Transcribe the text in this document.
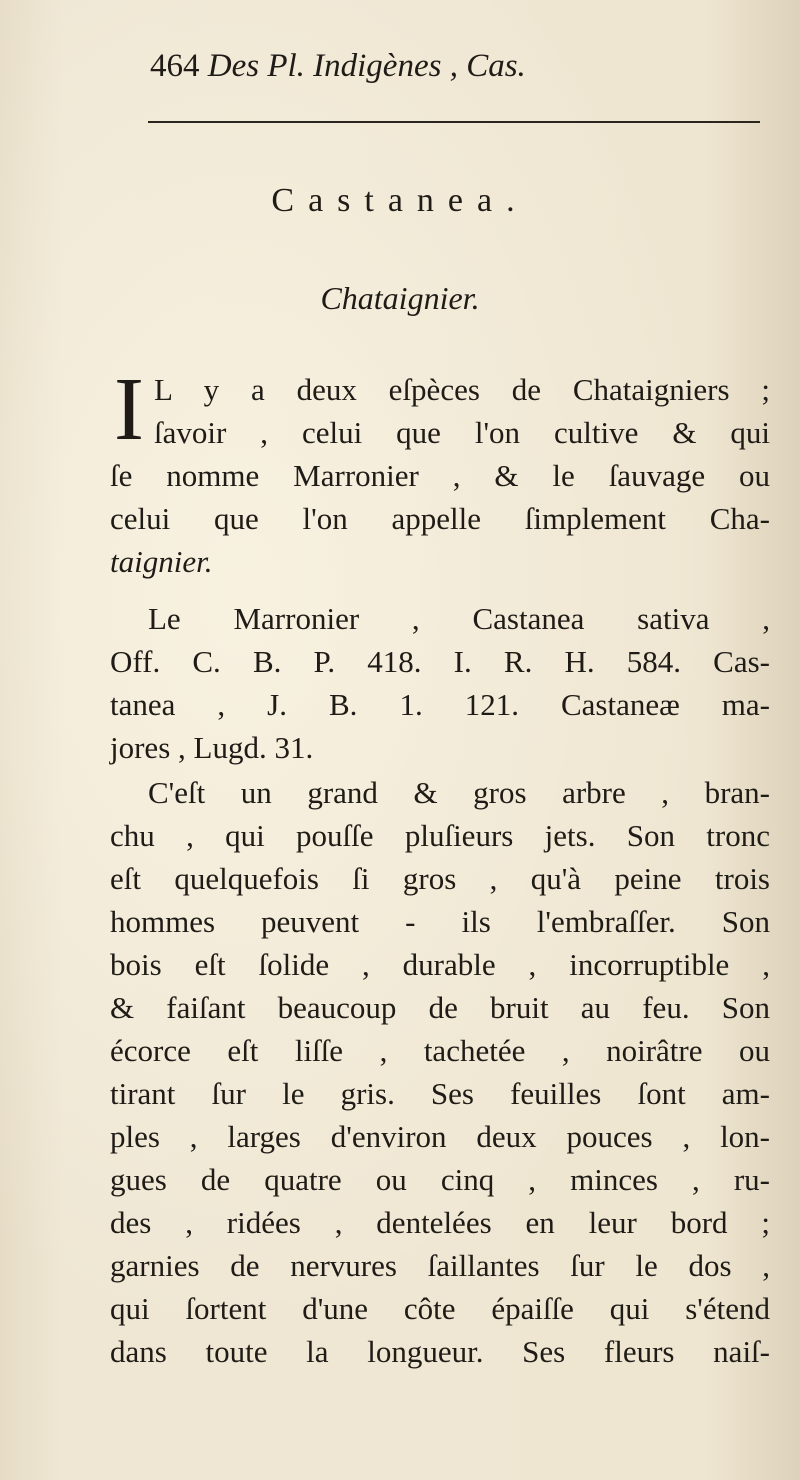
464 Des Pl. Indigènes , Cas.
Castanea.
Chataignier.
I L y a deux eſpèces de Chataigniers ;
ſavoir , celui que l'on cultive & qui
ſe nomme Marronier , & le ſauvage ou
celui que l'on appelle ſimplement Cha-
taignier.
Le Marronier , Castanea sativa ,
Off. C. B. P. 418. I. R. H. 584. Cas-
tanea , J. B. 1. 121. Castaneæ ma-
jores , Lugd. 31.
C'eſt un grand & gros arbre , bran-
chu , qui pouſſe pluſieurs jets. Son tronc
eſt quelquefois ſi gros , qu'à peine trois
hommes peuvent - ils l'embraſſer. Son
bois eſt ſolide , durable , incorruptible ,
& faiſant beaucoup de bruit au feu. Son
écorce eſt liſſe , tachetée , noirâtre ou
tirant ſur le gris. Ses feuilles ſont am-
ples , larges d'environ deux pouces , lon-
gues de quatre ou cinq , minces , ru-
des , ridées , dentelées en leur bord ;
garnies de nervures ſaillantes ſur le dos ,
qui ſortent d'une côte épaiſſe qui s'étend
dans toute la longueur. Ses fleurs naiſ-
